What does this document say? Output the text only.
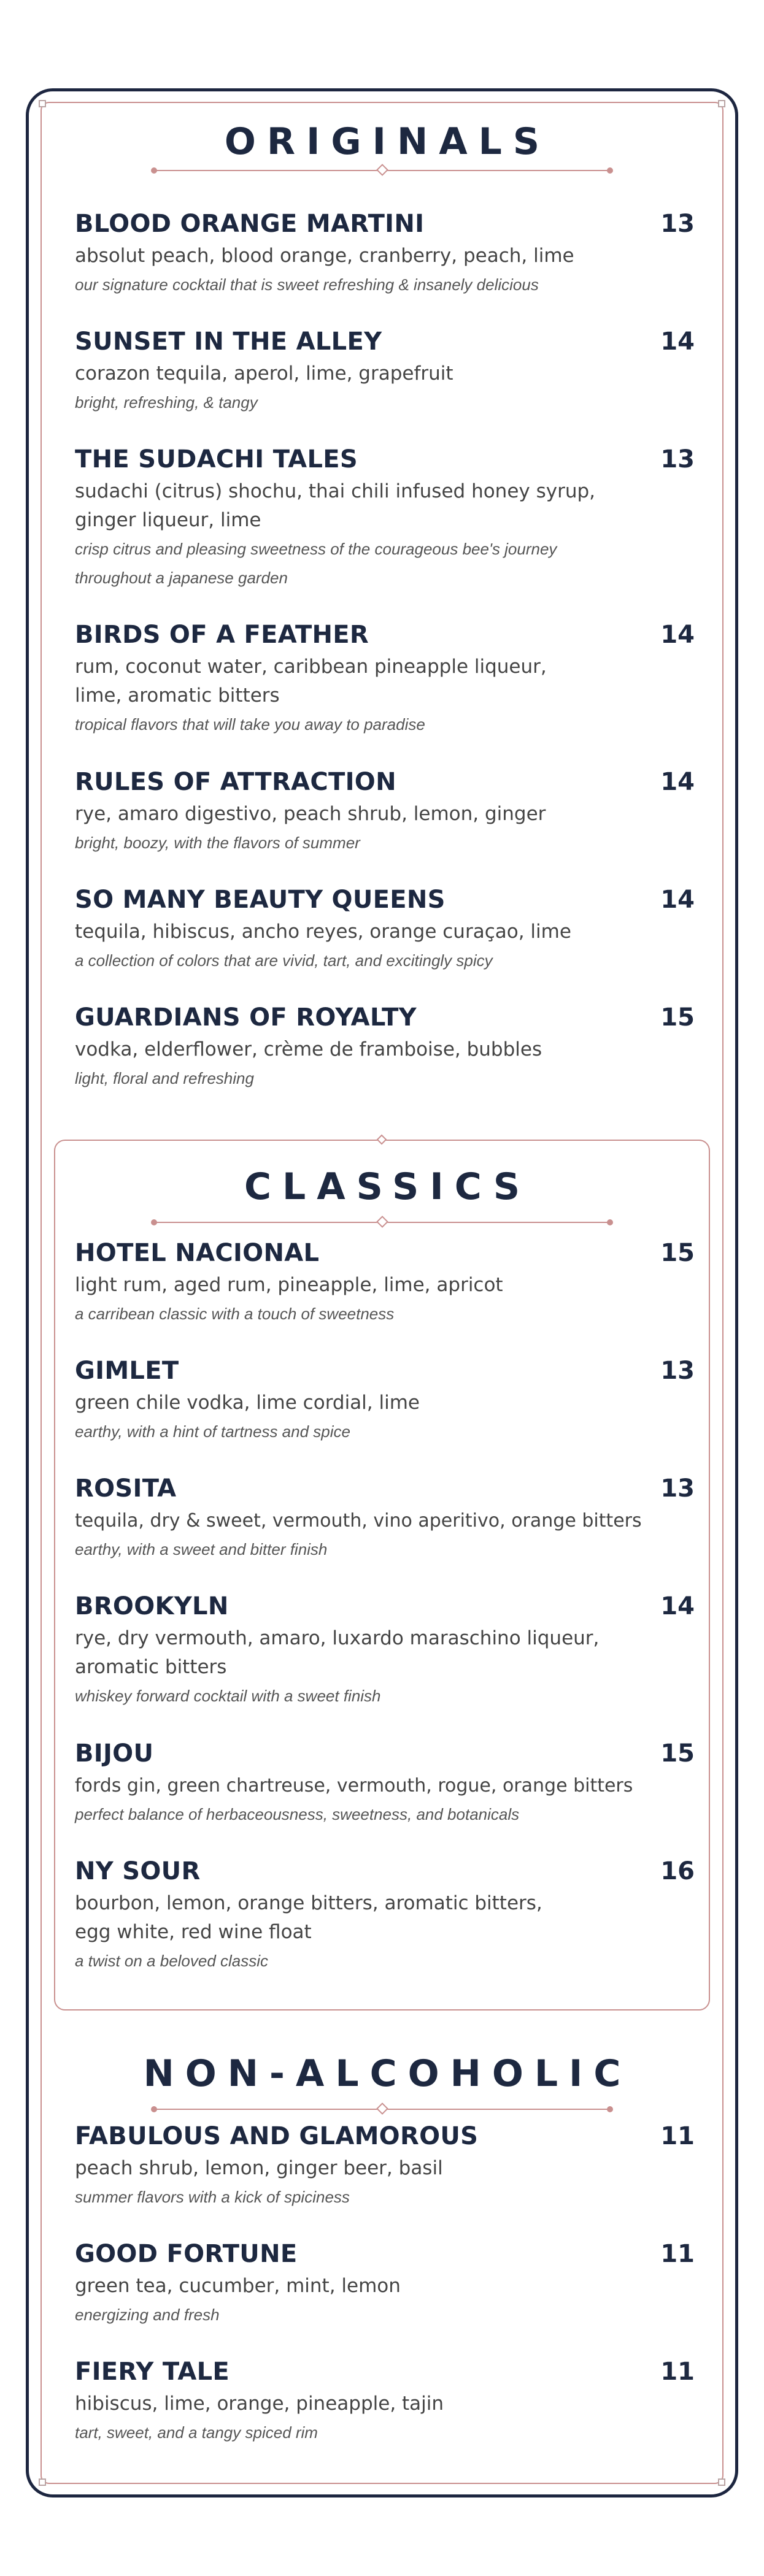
ORIGINALS
BLOOD ORANGE MARTINI	13
absolut peach, blood orange, cranberry, peach, lime
our signature cocktail that is sweet refreshing & insanely delicious
SUNSET IN THE ALLEY	14
corazon tequila, aperol, lime, grapefruit
bright, refreshing, & tangy
THE SUDACHI TALES	13
sudachi (citrus) shochu, thai chili infused honey syrup,
ginger liqueur, lime
crisp citrus and pleasing sweetness of the courageous bee's journey
throughout a japanese garden
BIRDS OF A FEATHER	14
rum, coconut water, caribbean pineapple liqueur,
lime, aromatic bitters
tropical flavors that will take you away to paradise
RULES OF ATTRACTION	14
rye, amaro digestivo, peach shrub, lemon, ginger
bright, boozy, with the flavors of summer
SO MANY BEAUTY QUEENS	14
tequila, hibiscus, ancho reyes, orange curaçao, lime
a collection of colors that are vivid, tart, and excitingly spicy
GUARDIANS OF ROYALTY	15
vodka, elderflower, crème de framboise, bubbles
light, floral and refreshing
CLASSICS
HOTEL NACIONAL	15
light rum, aged rum, pineapple, lime, apricot
a carribean classic with a touch of sweetness
GIMLET	13
green chile vodka, lime cordial, lime
earthy, with a hint of tartness and spice
ROSITA	13
tequila, dry & sweet, vermouth, vino aperitivo, orange bitters
earthy, with a sweet and bitter finish
BROOKYLN	14
rye, dry vermouth, amaro, luxardo maraschino liqueur,
aromatic bitters
whiskey forward cocktail with a sweet finish
BIJOU	15
fords gin, green chartreuse, vermouth, rogue, orange bitters
perfect balance of herbaceousness, sweetness, and botanicals
NY SOUR	16
bourbon, lemon, orange bitters, aromatic bitters,
egg white, red wine float
a twist on a beloved classic
NON-ALCOHOLIC
FABULOUS AND GLAMOROUS	11
peach shrub, lemon, ginger beer, basil
summer flavors with a kick of spiciness
GOOD FORTUNE	11
green tea, cucumber, mint, lemon
energizing and fresh
FIERY TALE	11
hibiscus, lime, orange, pineapple, tajin
tart, sweet, and a tangy spiced rim
